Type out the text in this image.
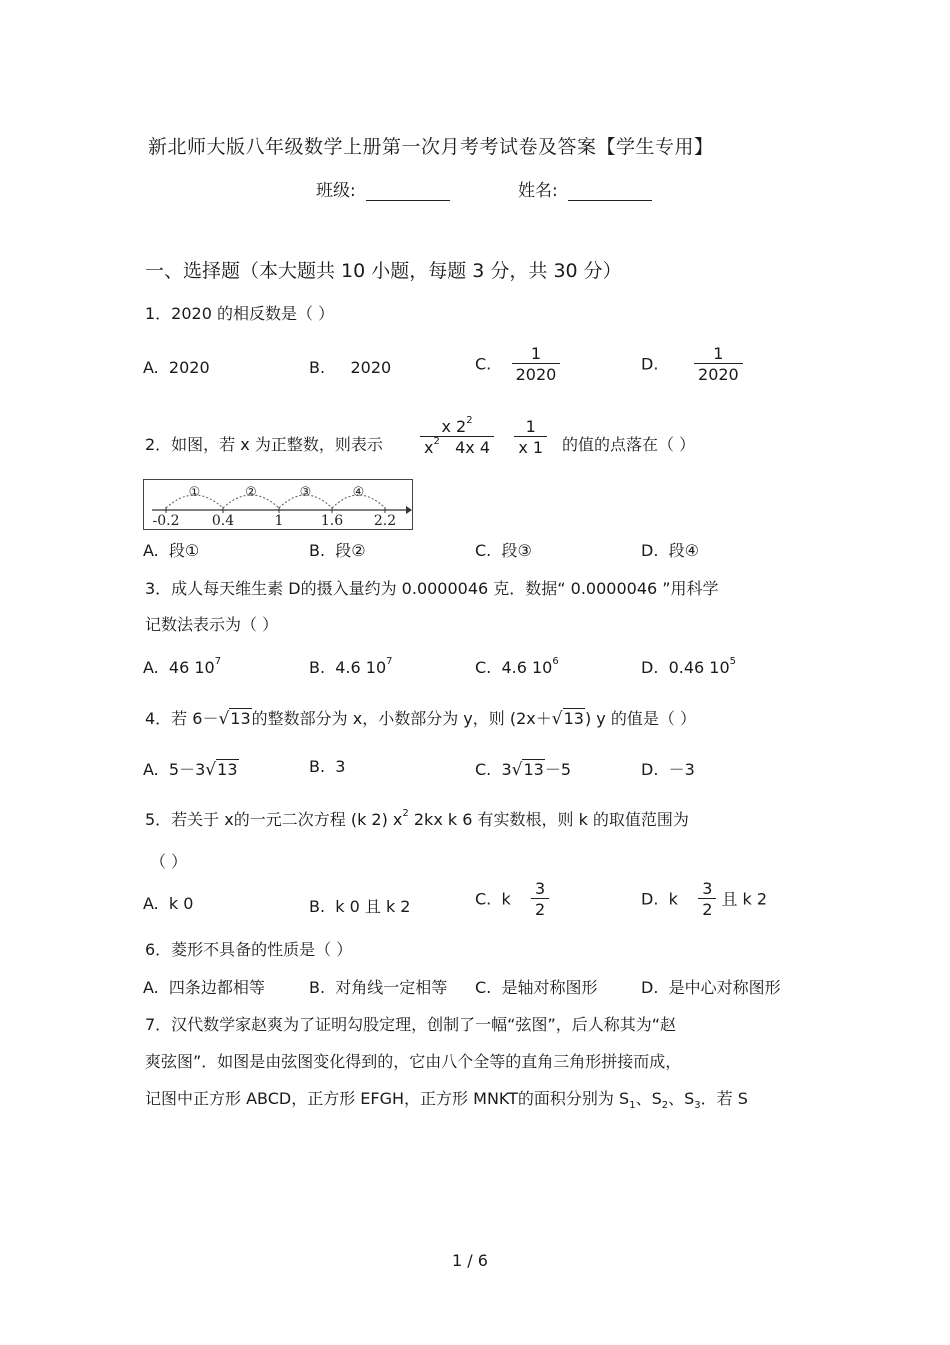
新北师大版八年级数学上册第一次月考考试卷及答案【学生专用】
班级:	姓名:
一、选择题（本大题共 10 小题，每题 3 分，共 30 分）
1．2020 的相反数是（ ）
A. 2020	B. 2020	C. $\frac{1}{2020}$	D. $\frac{1}{2020}$
2．如图，若 x 为正整数，则表示 $\frac{x 2^2}{x^2 4x 4}$
$\frac{1}{x 1}$ 的值的点落在（ ）
-0.2 0.4	1	1.6 2.2
①	②	③	④
A. 段①	B. 段②	C. 段③	D. 段④
3．成人每天维生素 D的摄入量约为 0.0000046 克．数据“ 0.0000046 ”用科学
记数法表示为（ ）
A. 46 $10^7$	B. 4.6 $10^7$	C. 4.6 $10^6$	D. 0.46 $10^5$
4．若 6－√13的整数部分为 x，小数部分为 y，则 (2x＋√13) y 的值是（ ）
A. 5－3√13	B. 3	C. 3√13－5	D. －3
5．若关于 x的一元二次方程 (k 2) $x^2$ 2kx k 6 有实数根，则 k 的取值范围为
（ ）
A. k 0	B. k 0 且 k 2	C. k $\frac{3}{2}$	D. k $\frac{3}{2}$ 且 k 2
6．菱形不具备的性质是（ ）
A. 四条边都相等	B. 对角线一定相等 C. 是轴对称图形	D. 是中心对称图形
7．汉代数学家赵爽为了证明勾股定理，创制了一幅“弦图”，后人称其为“赵
爽弦图”．如图是由弦图变化得到的，它由八个全等的直角三角形拼接而成，
记图中正方形 ABCD，正方形 EFGH，正方形 MNKT的面积分别为 $S_1$、$S_2$、$S_3$．若 S
1 / 6
